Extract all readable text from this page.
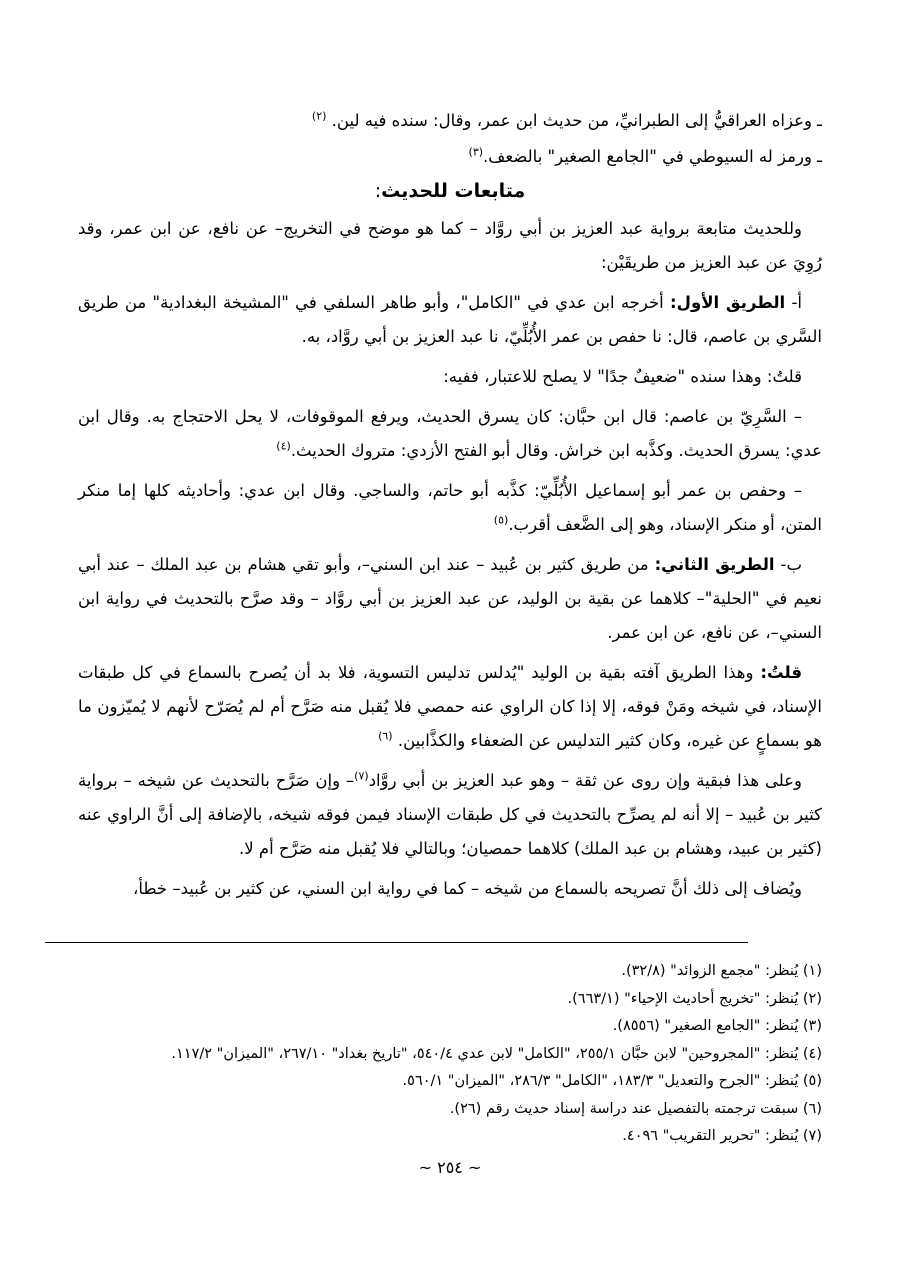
ـ وعزاه العراقيُّ إلى الطبرانيِّ، من حديث ابن عمر، وقال: سنده فيه لين. $^{(٢)}$

ـ ورمز له السيوطي في "الجامع الصغير" بالضعف.$^{(٣)}$

متابعات للحديث:

وللحديث متابعة برواية عبد العزيز بن أبي روَّاد – كما هو موضح في التخريج– عن نافع، عن ابن عمر، وقد رُوِيَ عن عبد العزيز من طريقَيْن:

أ- الطريق الأول: أخرجه ابن عدي في "الكامل"، وأبو طاهر السلفي في "المشيخة البغدادية" من طريق السَّري بن عاصم، قال: نا حفص بن عمر الأُبُلِّيّ، نا عبد العزيز بن أبي روَّاد، به.

قلتُ: وهذا سنده "ضعيفٌ جدًا" لا يصلح للاعتبار، ففيه:

– السَّرِيّ بن عاصم: قال ابن حبَّان: كان يسرق الحديث، ويرفع الموقوفات، لا يحل الاحتجاج به. وقال ابن عدي: يسرق الحديث. وكذَّبه ابن خراش. وقال أبو الفتح الأزدي: متروك الحديث.$^{(٤)}$

– وحفص بن عمر أبو إسماعيل الأُبُلِّيّ: كذَّبه أبو حاتم، والساجي. وقال ابن عدي: وأحاديثه كلها إما منكر المتن، أو منكر الإسناد، وهو إلى الضَّعف أقرب.$^{(٥)}$

ب- الطريق الثاني: من طريق كثير بن عُبيد – عند ابن السني–، وأبو تقي هشام بن عبد الملك – عند أبي نعيم في "الحلية"– كلاهما عن بقية بن الوليد، عن عبد العزيز بن أبي روَّاد – وقد صرَّح بالتحديث في رواية ابن السني–، عن نافع، عن ابن عمر.

قلتُ: وهذا الطريق آفته بقية بن الوليد "يُدلس تدليس التسوية، فلا بد أن يُصرح بالسماع في كل طبقات الإسناد، في شيخه ومَنْ فوقه، إلا إذا كان الراوي عنه حمصي فلا يُقبل منه صَرَّح أم لم يُصَرّح لأنهم لا يُميّزون ما هو بسماعٍ عن غيره، وكان كثير التدليس عن الضعفاء والكذَّابين. $^{(٦)}$

وعلى هذا فبقية وإن روى عن ثقة – وهو عبد العزيز بن أبي روَّاد$^{(٧)}$– وإن صَرَّح بالتحديث عن شيخه – برواية كثير بن عُبيد – إلا أنه لم يصرِّح بالتحديث في كل طبقات الإسناد فيمن فوقه شيخه، بالإضافة إلى أنَّ الراوي عنه (كثير بن عبيد، وهشام بن عبد الملك) كلاهما حمصيان؛ وبالتالي فلا يُقبل منه صَرَّح أم لا.

ويُضاف إلى ذلك أنَّ تصريحه بالسماع من شيخه – كما في رواية ابن السني، عن كثير بن عُبيد– خطأ،

(١) يُنظر: "مجمع الزوائد" (٣٢/٨).

(٢) يُنظر: "تخريج أحاديث الإحياء" (٦٦٣/١).

(٣) يُنظر: "الجامع الصغير" (٨٥٥٦).

(٤) يُنظر: "المجروحين" لابن حبَّان ٢٥٥/١، "الكامل" لابن عدي ٥٤٠/٤، "تاريخ بغداد" ٢٦٧/١٠، "الميزان" ١١٧/٢.

(٥) يُنظر: "الجرح والتعديل" ١٨٣/٣، "الكامل" ٢٨٦/٣، "الميزان" ٥٦٠/١.

(٦) سبقت ترجمته بالتفصيل عند دراسة إسناد حديث رقم (٢٦).

(٧) يُنظر: "تحرير التقريب" ٤٠٩٦.

~ ٢٥٤ ~
